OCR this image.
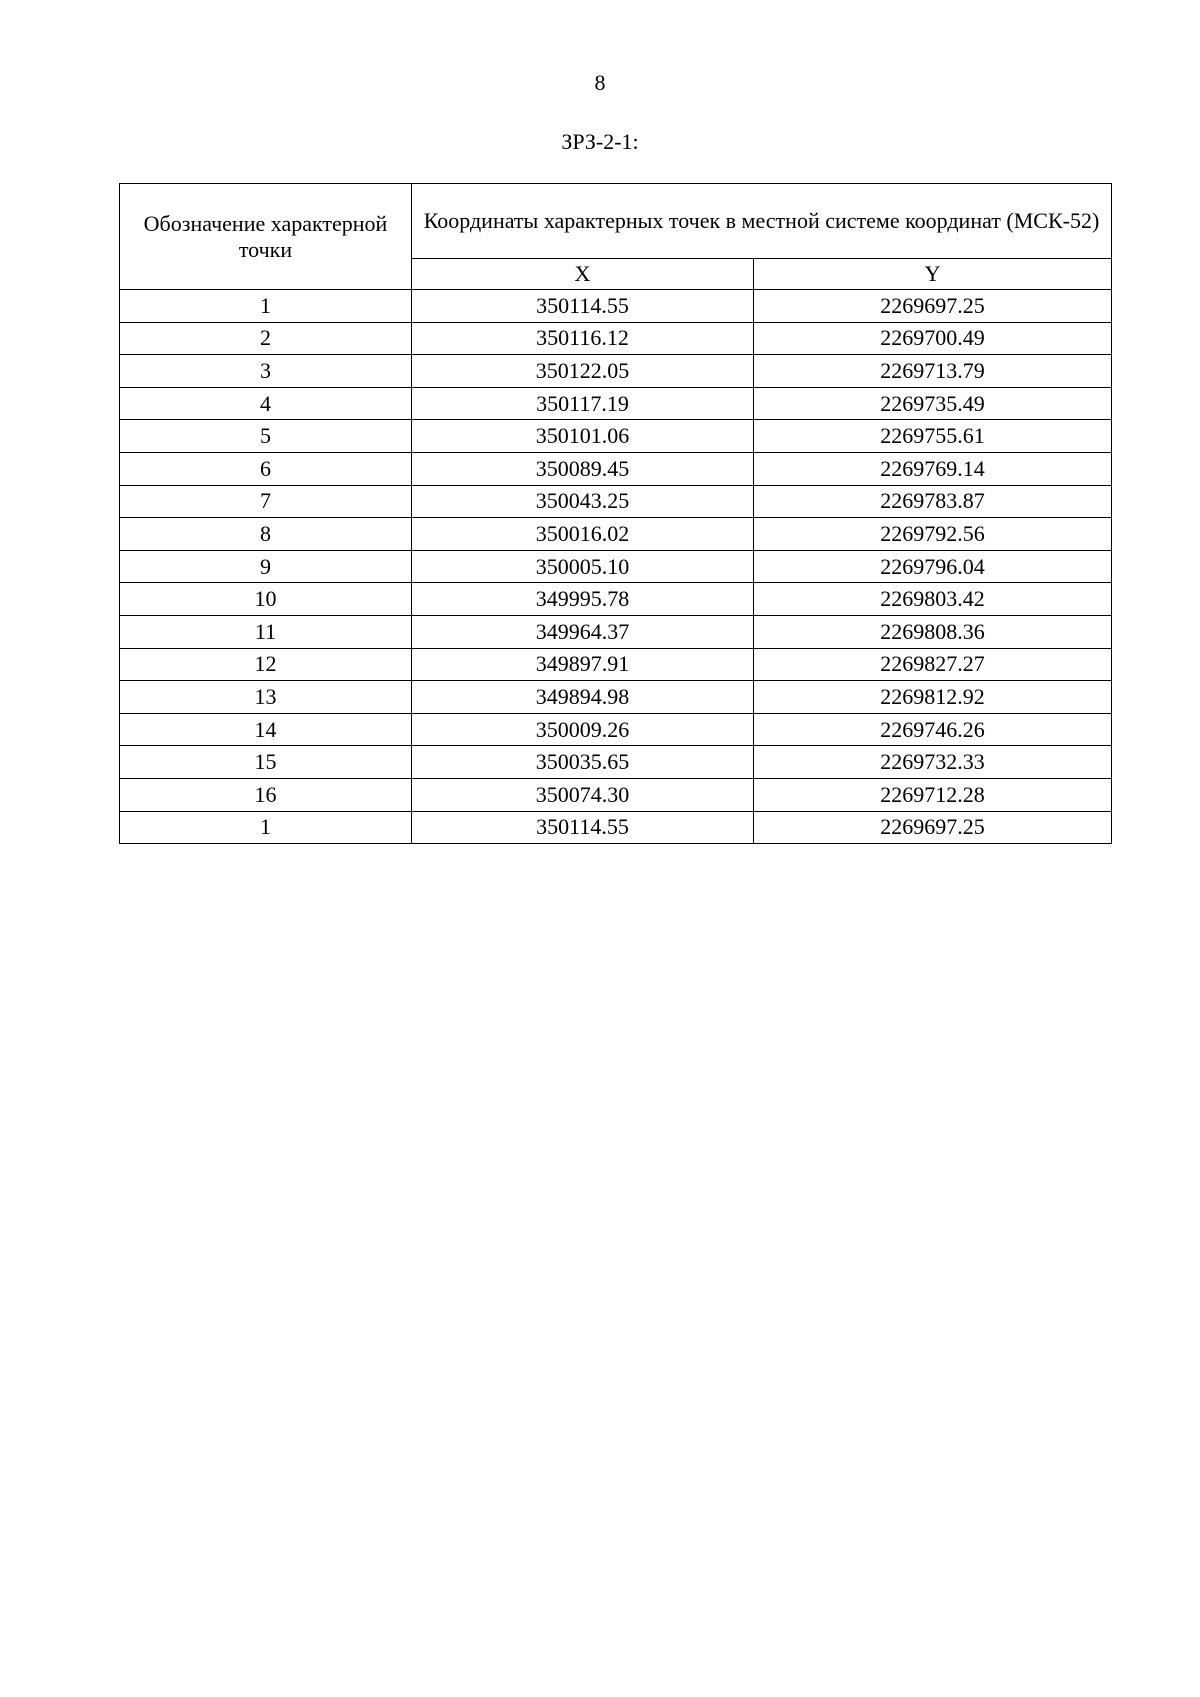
8
ЗРЗ-2-1:
Обозначение характерной точки	Координаты характерных точек в местной системе координат (МСК-52)	
	X	Y
1	350114.55	2269697.25
2	350116.12	2269700.49
3	350122.05	2269713.79
4	350117.19	2269735.49
5	350101.06	2269755.61
6	350089.45	2269769.14
7	350043.25	2269783.87
8	350016.02	2269792.56
9	350005.10	2269796.04
10	349995.78	2269803.42
11	349964.37	2269808.36
12	349897.91	2269827.27
13	349894.98	2269812.92
14	350009.26	2269746.26
15	350035.65	2269732.33
16	350074.30	2269712.28
1	350114.55	2269697.25
